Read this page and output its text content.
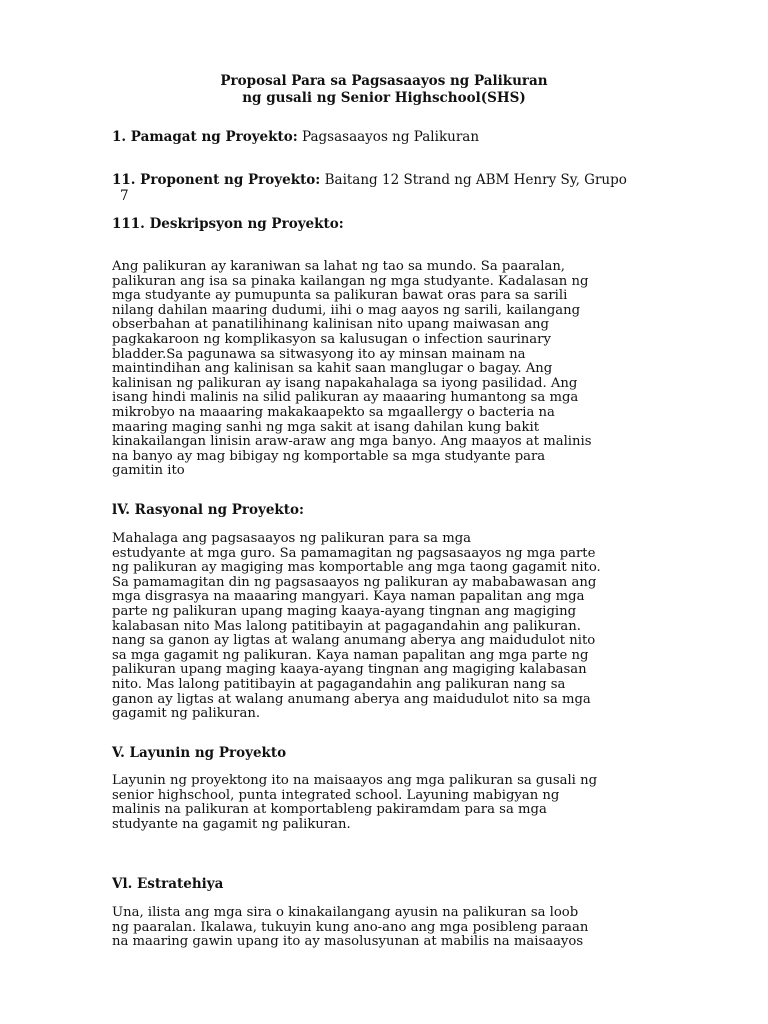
Proposal Para sa Pagsasaayos ng Palikuran
ng gusali ng Senior Highschool(SHS)
1. Pamagat ng Proyekto: Pagsasaayos ng Palikuran
11. Proponent ng Proyekto: Baitang 12 Strand ng ABM Henry Sy, Grupo
7
111. Deskripsyon ng Proyekto:
Ang palikuran ay karaniwan sa lahat ng tao sa mundo. Sa paaralan,
palikuran ang isa sa pinaka kailangan ng mga studyante. Kadalasan ng
mga studyante ay pumupunta sa palikuran bawat oras para sa sarili
nilang dahilan maaring dudumi, iihi o mag aayos ng sarili, kailangang
obserbahan at panatilihinang kalinisan nito upang maiwasan ang
pagkakaroon ng komplikasyon sa kalusugan o infection saurinary
bladder.Sa pagunawa sa sitwasyong ito ay minsan mainam na
maintindihan ang kalinisan sa kahit saan manglugar o bagay. Ang
kalinisan ng palikuran ay isang napakahalaga sa iyong pasilidad. Ang
isang hindi malinis na silid palikuran ay maaaring humantong sa mga
mikrobyo na maaaring makakaapekto sa mgaallergy o bacteria na
maaring maging sanhi ng mga sakit at isang dahilan kung bakit
kinakailangan linisin araw-araw ang mga banyo. Ang maayos at malinis
na banyo ay mag bibigay ng komportable sa mga studyante para
gamitin ito
lV. Rasyonal ng Proyekto:
Mahalaga ang pagsasaayos ng palikuran para sa mga
estudyante at mga guro. Sa pamamagitan ng pagsasaayos ng mga parte
ng palikuran ay magiging mas komportable ang mga taong gagamit nito.
Sa pamamagitan din ng pagsasaayos ng palikuran ay mababawasan ang
mga disgrasya na maaaring mangyari. Kaya naman papalitan ang mga
parte ng palikuran upang maging kaaya-ayang tingnan ang magiging
kalabasan nito Mas lalong patitibayin at pagagandahin ang palikuran.
nang sa ganon ay ligtas at walang anumang aberya ang maidudulot nito
sa mga gagamit ng palikuran. Kaya naman papalitan ang mga parte ng
palikuran upang maging kaaya-ayang tingnan ang magiging kalabasan
nito. Mas lalong patitibayin at pagagandahin ang palikuran nang sa
ganon ay ligtas at walang anumang aberya ang maidudulot nito sa mga
gagamit ng palikuran.
V. Layunin ng Proyekto
Layunin ng proyektong ito na maisaayos ang mga palikuran sa gusali ng
senior highschool, punta integrated school. Layuning mabigyan ng
malinis na palikuran at komportableng pakiramdam para sa mga
studyante na gagamit ng palikuran.
Vl. Estratehiya
Una, ilista ang mga sira o kinakailangang ayusin na palikuran sa loob
ng paaralan. Ikalawa, tukuyin kung ano-ano ang mga posibleng paraan
na maaring gawin upang ito ay masolusyunan at mabilis na maisaayos
